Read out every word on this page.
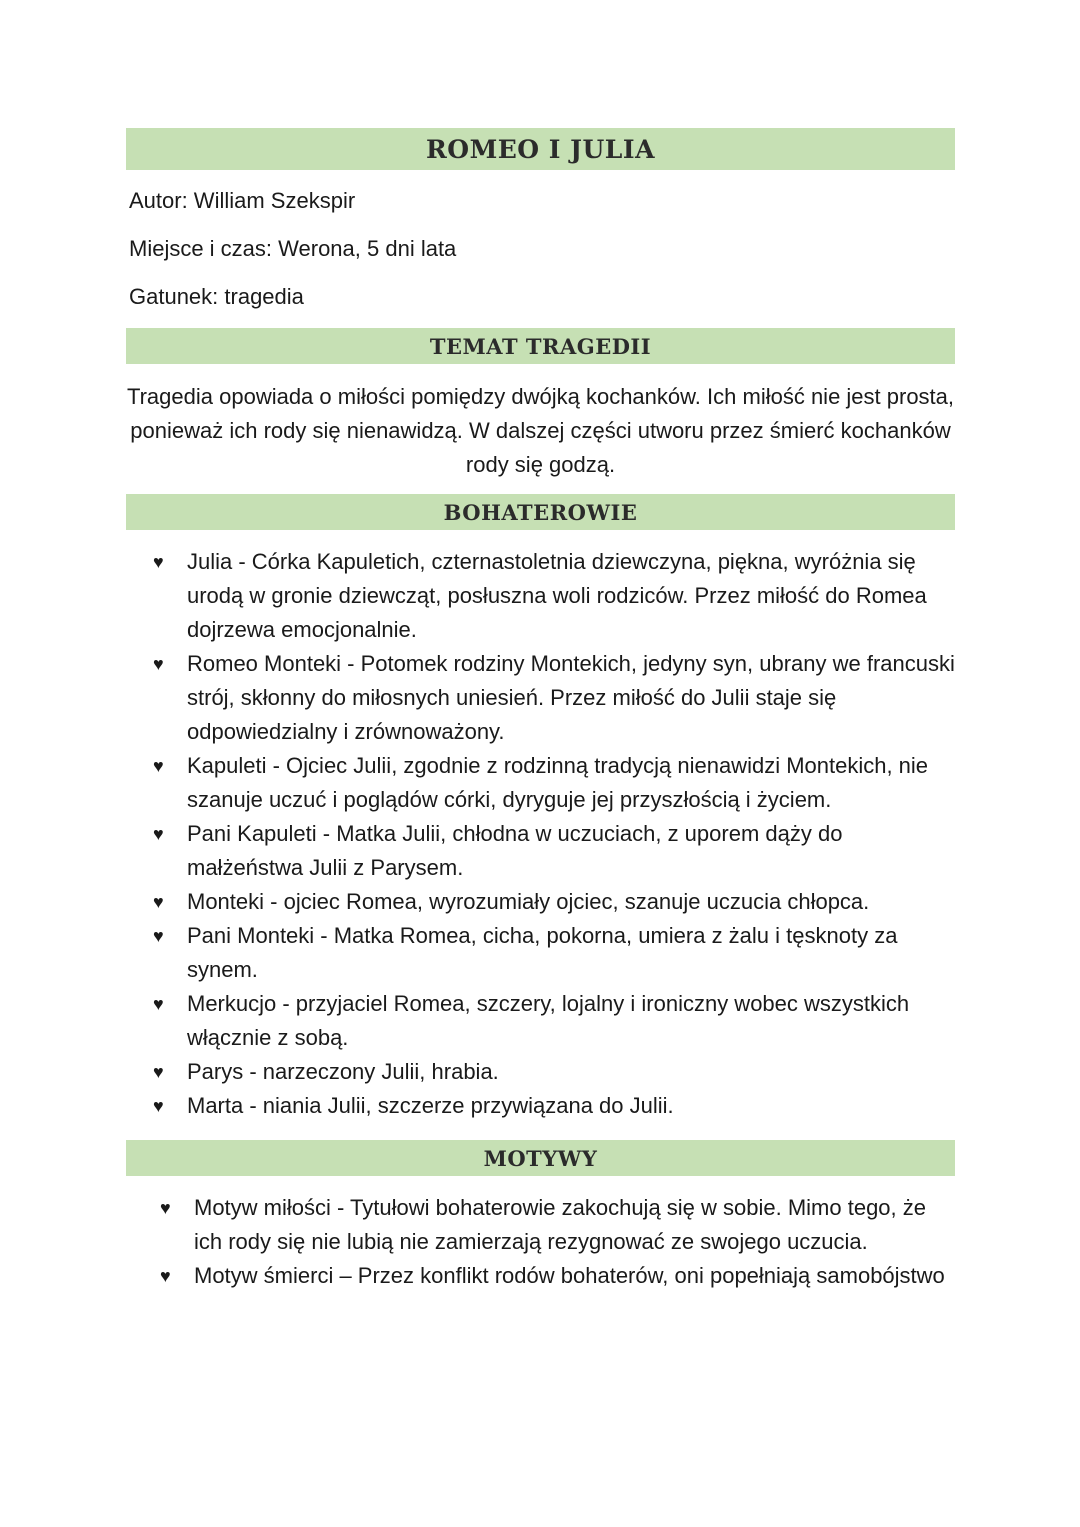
ROMEO I JULIA
Autor: William Szekspir
Miejsce i czas: Werona, 5 dni lata
Gatunek: tragedia
TEMAT TRAGEDII
Tragedia opowiada o miłości pomiędzy dwójką kochanków. Ich miłość nie jest prosta, ponieważ ich rody się nienawidzą. W dalszej części utworu przez śmierć kochanków rody się godzą.
BOHATEROWIE
♥ Julia - Córka Kapuletich, czternastoletnia dziewczyna, piękna, wyróżnia się urodą w gronie dziewcząt, posłuszna woli rodziców. Przez miłość do Romea dojrzewa emocjonalnie.
♥ Romeo Monteki - Potomek rodziny Montekich, jedyny syn, ubrany we francuski strój, skłonny do miłosnych uniesień. Przez miłość do Julii staje się odpowiedzialny i zrównoważony.
♥ Kapuleti - Ojciec Julii, zgodnie z rodzinną tradycją nienawidzi Montekich, nie szanuje uczuć i poglądów córki, dyryguje jej przyszłością i życiem.
♥ Pani Kapuleti - Matka Julii, chłodna w uczuciach, z uporem dąży do małżeństwa Julii z Parysem.
♥ Monteki - ojciec Romea, wyrozumiały ojciec, szanuje uczucia chłopca.
♥ Pani Monteki - Matka Romea, cicha, pokorna, umiera z żalu i tęsknoty za synem.
♥ Merkucjo - przyjaciel Romea, szczery, lojalny i ironiczny wobec wszystkich włącznie z sobą.
♥ Parys - narzeczony Julii, hrabia.
♥ Marta - niania Julii, szczerze przywiązana do Julii.
MOTYWY
♥ Motyw miłości - Tytułowi bohaterowie zakochują się w sobie. Mimo tego, że ich rody się nie lubią nie zamierzają rezygnować ze swojego uczucia.
♥ Motyw śmierci – Przez konflikt rodów bohaterów, oni popełniają samobójstwo
